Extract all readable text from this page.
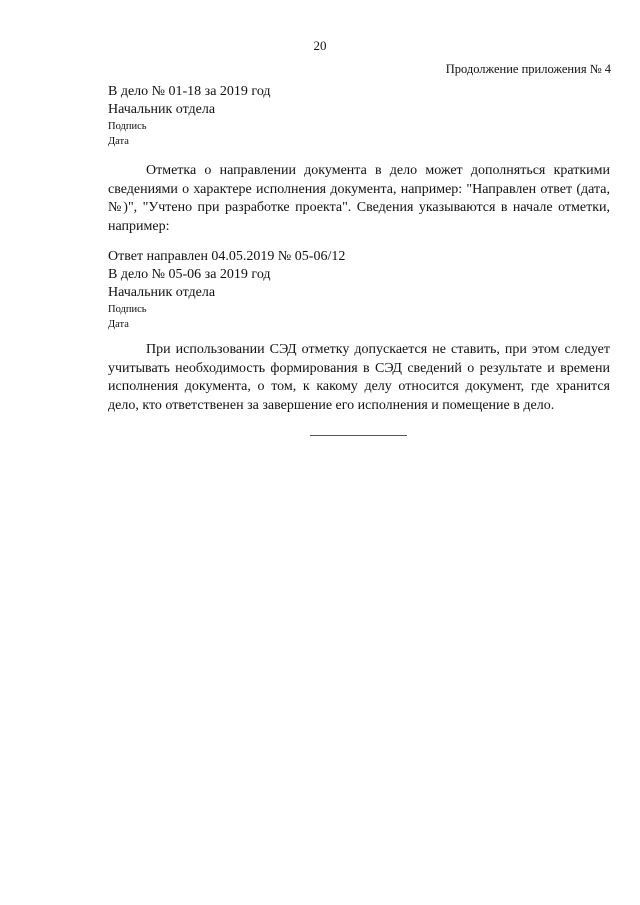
20
Продолжение приложения № 4
В дело № 01-18 за 2019 год
Начальник отдела
Подпись
Дата

Отметка о направлении документа в дело может дополняться краткими сведениями о характере исполнения документа, например: "Направлен ответ (дата, №)", "Учтено при разработке проекта". Сведения указываются в начале отметки, например:

Ответ направлен 04.05.2019 № 05-06/12
В дело № 05-06 за 2019 год
Начальник отдела
Подпись
Дата

При использовании СЭД отметку допускается не ставить, при этом следует учитывать необходимость формирования в СЭД сведений о результате и времени исполнения документа, о том, к какому делу относится документ, где хранится дело, кто ответственен за завершение его исполнения и помещение в дело.
